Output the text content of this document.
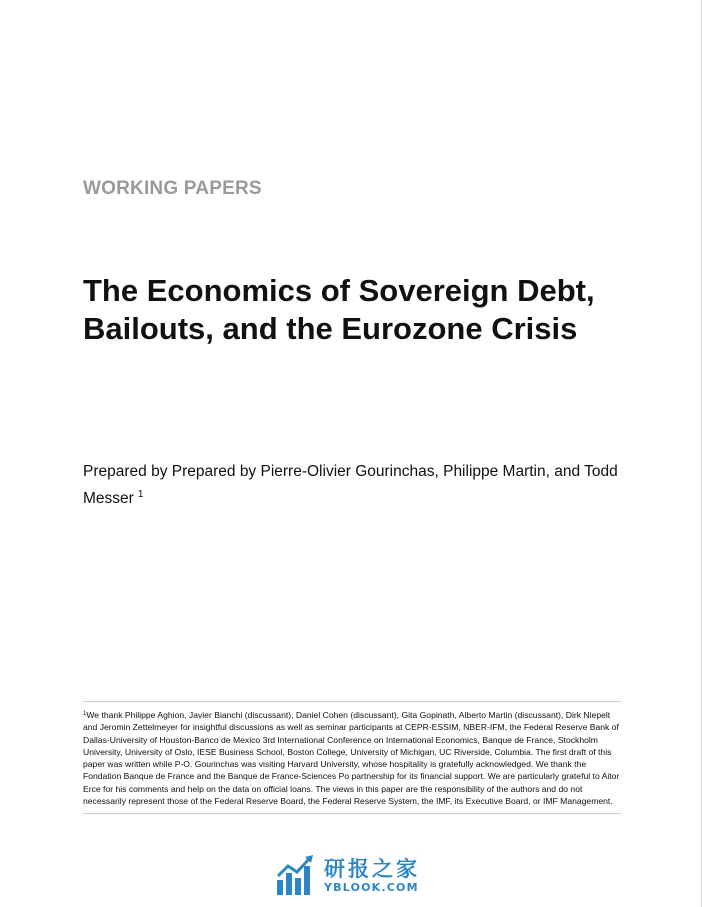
WORKING PAPERS
The Economics of Sovereign Debt,
Bailouts, and the Eurozone Crisis
Prepared by Prepared by Pierre-Olivier Gourinchas, Philippe Martin, and Todd Messer $^1$
$^1$We thank Philippe Aghion, Javier Bianchi (discussant), Daniel Cohen (discussant), Gita Gopinath, Alberto Martin (discussant), Dirk Niepelt and Jeromin Zettelmeyer for insightful discussions as well as seminar participants at CEPR-ESSIM, NBER-IFM, the Federal Reserve Bank of Dallas-University of Houston-Banco de Mexico 3rd International Conference on International Economics, Banque de France, Stockholm University, University of Oslo, IESE Business School, Boston College, University of Michigan, UC Riverside, Columbia. The first draft of this paper was written while P-O. Gourinchas was visiting Harvard University, whose hospitality is gratefully acknowledged. We thank the Fondation Banque de France and the Banque de France-Sciences Po partnership for its financial support. We are particularly grateful to Aitor Erce for his comments and help on the data on official loans. The views in this paper are the responsibility of the authors and do not necessarily represent those of the Federal Reserve Board, the Federal Reserve System, the IMF, its Executive Board, or IMF Management.
研报之家
YBLOOK.COM
